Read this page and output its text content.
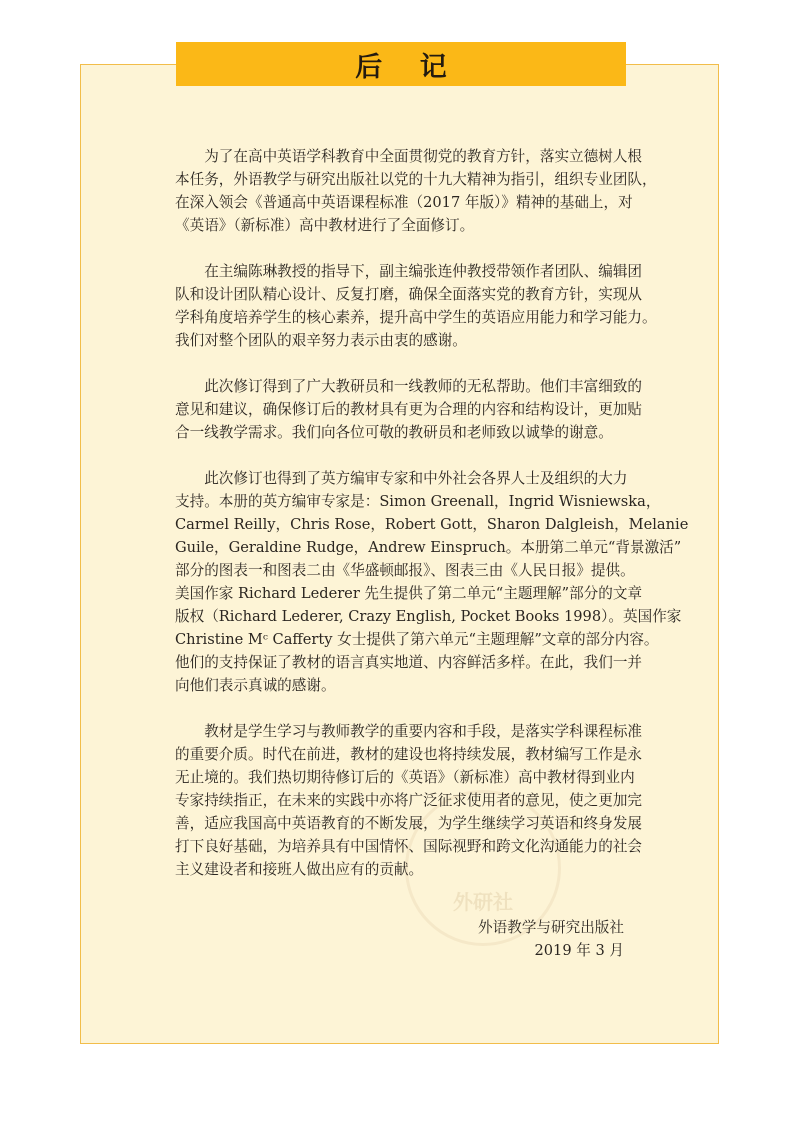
后 记
外研社
　　为了在高中英语学科教育中全面贯彻党的教育方针，落实立德树人根
本任务，外语教学与研究出版社以党的十九大精神为指引，组织专业团队，
在深入领会《普通高中英语课程标准（2017 年版）》精神的基础上，对
《英语》（新标准）高中教材进行了全面修订。
　　在主编陈琳教授的指导下，副主编张连仲教授带领作者团队、编辑团
队和设计团队精心设计、反复打磨，确保全面落实党的教育方针，实现从
学科角度培养学生的核心素养，提升高中学生的英语应用能力和学习能力。
我们对整个团队的艰辛努力表示由衷的感谢。
　　此次修订得到了广大教研员和一线教师的无私帮助。他们丰富细致的
意见和建议，确保修订后的教材具有更为合理的内容和结构设计，更加贴
合一线教学需求。我们向各位可敬的教研员和老师致以诚挚的谢意。
　　此次修订也得到了英方编审专家和中外社会各界人士及组织的大力
支持。本册的英方编审专家是：Simon Greenall，Ingrid Wisniewska，
Carmel Reilly，Chris Rose，Robert Gott，Sharon Dalgleish，Melanie
Guile，Geraldine Rudge，Andrew Einspruch。本册第二单元“背景激活”
部分的图表一和图表二由《华盛顿邮报》、图表三由《人民日报》提供。
美国作家 Richard Lederer 先生提供了第二单元“主题理解”部分的文章
版权（Richard Lederer, Crazy English, Pocket Books 1998）。英国作家
Christine Mᶜ Cafferty 女士提供了第六单元“主题理解”文章的部分内容。
他们的支持保证了教材的语言真实地道、内容鲜活多样。在此，我们一并
向他们表示真诚的感谢。
　　教材是学生学习与教师教学的重要内容和手段，是落实学科课程标准
的重要介质。时代在前进，教材的建设也将持续发展，教材编写工作是永
无止境的。我们热切期待修订后的《英语》（新标准）高中教材得到业内
专家持续指正，在未来的实践中亦将广泛征求使用者的意见，使之更加完
善，适应我国高中英语教育的不断发展，为学生继续学习英语和终身发展
打下良好基础，为培养具有中国情怀、国际视野和跨文化沟通能力的社会
主义建设者和接班人做出应有的贡献。
外语教学与研究出版社
2019 年 3 月
